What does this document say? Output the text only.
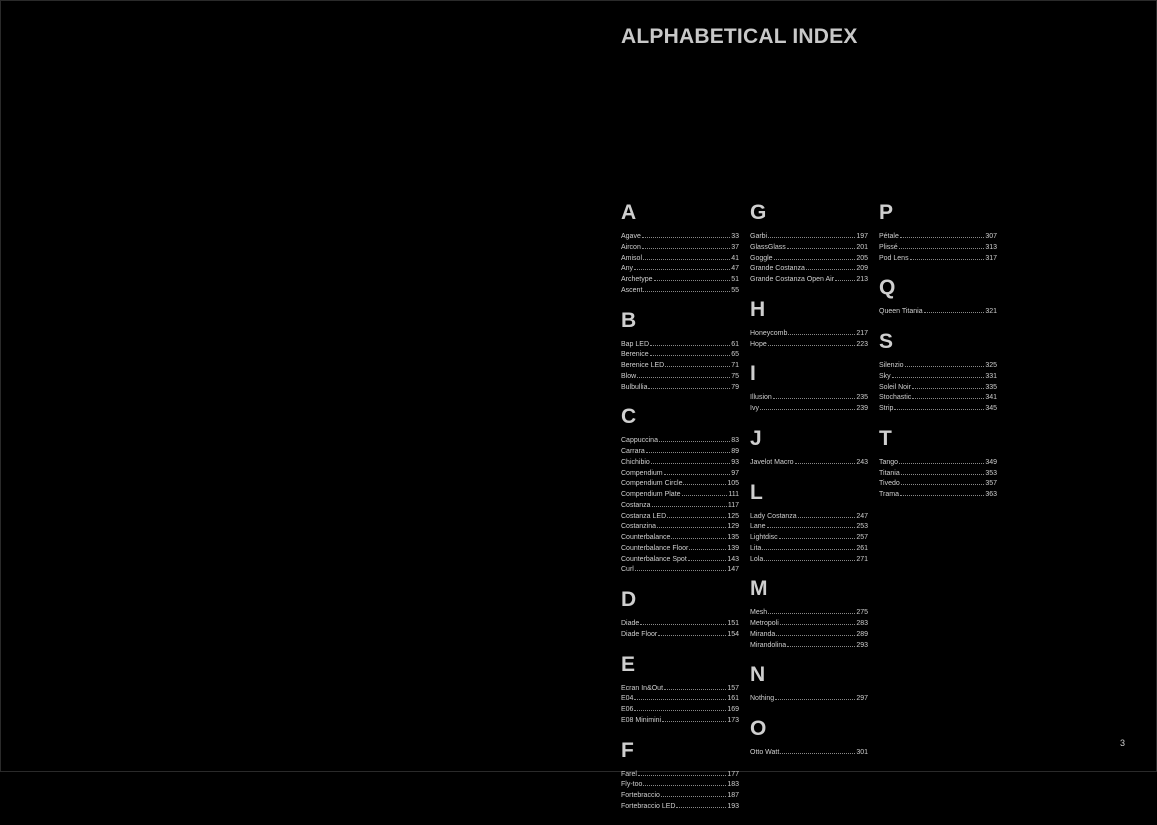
ALPHABETICAL INDEX
A
Agave	33
Aircon	37
Amisol	41
Any	47
Archetype	51
Ascent	55
B
Bap LED	61
Berenice	65
Berenice LED	71
Blow	75
Bulbullia	79
C
Cappuccina	83
Carrara	89
Chichibio	93
Compendium	97
Compendium Circle	105
Compendium Plate	111
Costanza	117
Costanza LED	125
Costanzina	129
Counterbalance	135
Counterbalance Floor	139
Counterbalance Spot	143
Curl	147
D
Diade	151
Diade Floor	154
E
Ecran In&Out	157
E04	161
E06	169
E08 Minimini	173
F
Farel	177
Fly-too	183
Fortebraccio	187
Fortebraccio LED	193
G
Garbi	197
GlassGlass	201
Goggle	205
Grande Costanza	209
Grande Costanza Open Air	213
H
Honeycomb	217
Hope	223
I
Illusion	235
Ivy	239
J
Javelot Macro	243
L
Lady Costanza	247
Lane	253
Lightdisc	257
Lita	261
Lola	271
M
Mesh	275
Metropoli	283
Miranda	289
Mirandolina	293
N
Nothing	297
O
Otto Watt	301
P
Pétale	307
Plissé	313
Pod Lens	317
Q
Queen Titania	321
S
Silenzio	325
Sky	331
Soleil Noir	335
Stochastic	341
Strip	345
T
Tango	349
Titania	353
Tivedo	357
Trama	363
3
